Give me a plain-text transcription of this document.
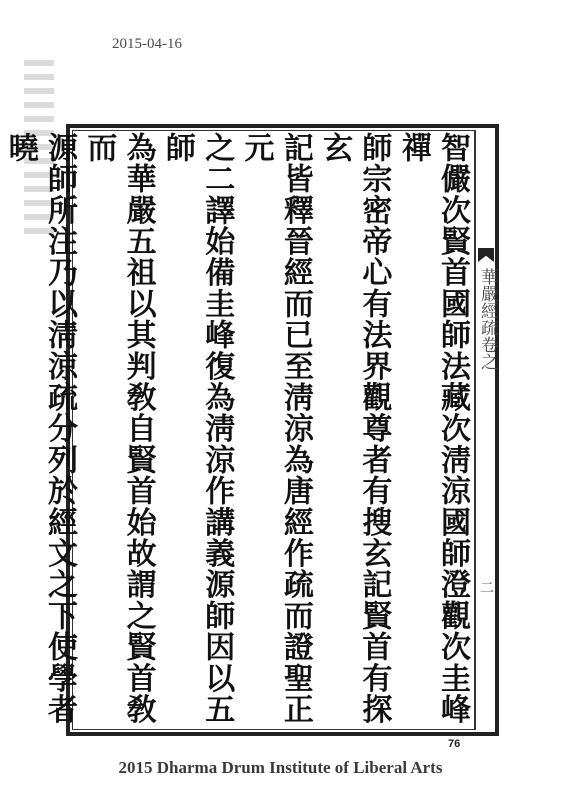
2015-04-16
華嚴經疏卷之
二
智儼次賢首國師法藏次淸涼國師澄觀次圭峰禪
師宗密帝心有法界觀尊者有搜玄記賢首有探玄
記皆釋晉經而已至淸涼為唐經作疏而證聖正元
之二譯始備圭峰復為淸涼作講義源師因以五師
為華嚴五祖以其判敎自賢首始故謂之賢首敎而
源師所注乃以淸涼疏分列於經文之下使學者曉
76
2015 Dharma Drum Institute of Liberal Arts
